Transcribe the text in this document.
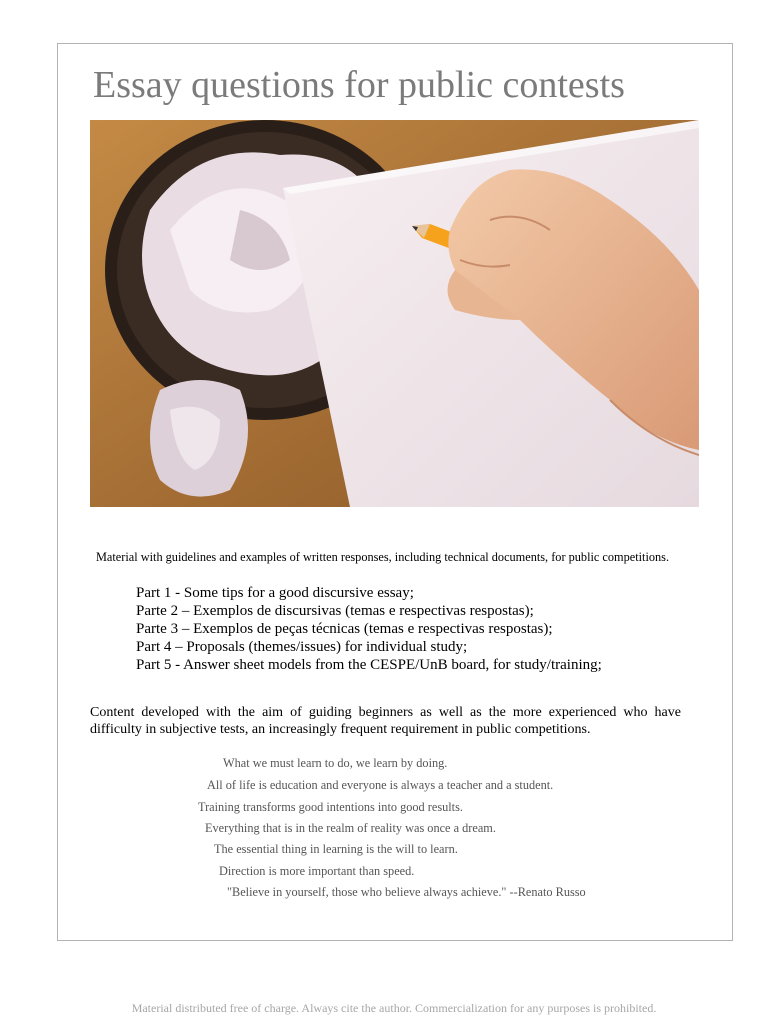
Essay questions for public contests
Material with guidelines and examples of written responses, including technical documents, for public competitions.
Part 1 - Some tips for a good discursive essay;
Parte 2 – Exemplos de discursivas (temas e respectivas respostas);
Parte 3 – Exemplos de peças técnicas (temas e respectivas respostas);
Part 4 – Proposals (themes/issues) for individual study;
Part 5 - Answer sheet models from the CESPE/UnB board, for study/training;
Content developed with the aim of guiding beginners as well as the more experienced who have difficulty in subjective tests, an increasingly frequent requirement in public competitions.
What we must learn to do, we learn by doing.
All of life is education and everyone is always a teacher and a student.
Training transforms good intentions into good results.
Everything that is in the realm of reality was once a dream.
The essential thing in learning is the will to learn.
Direction is more important than speed.
"Believe in yourself, those who believe always achieve." --Renato Russo
Material distributed free of charge. Always cite the author. Commercialization for any purposes is prohibited.
